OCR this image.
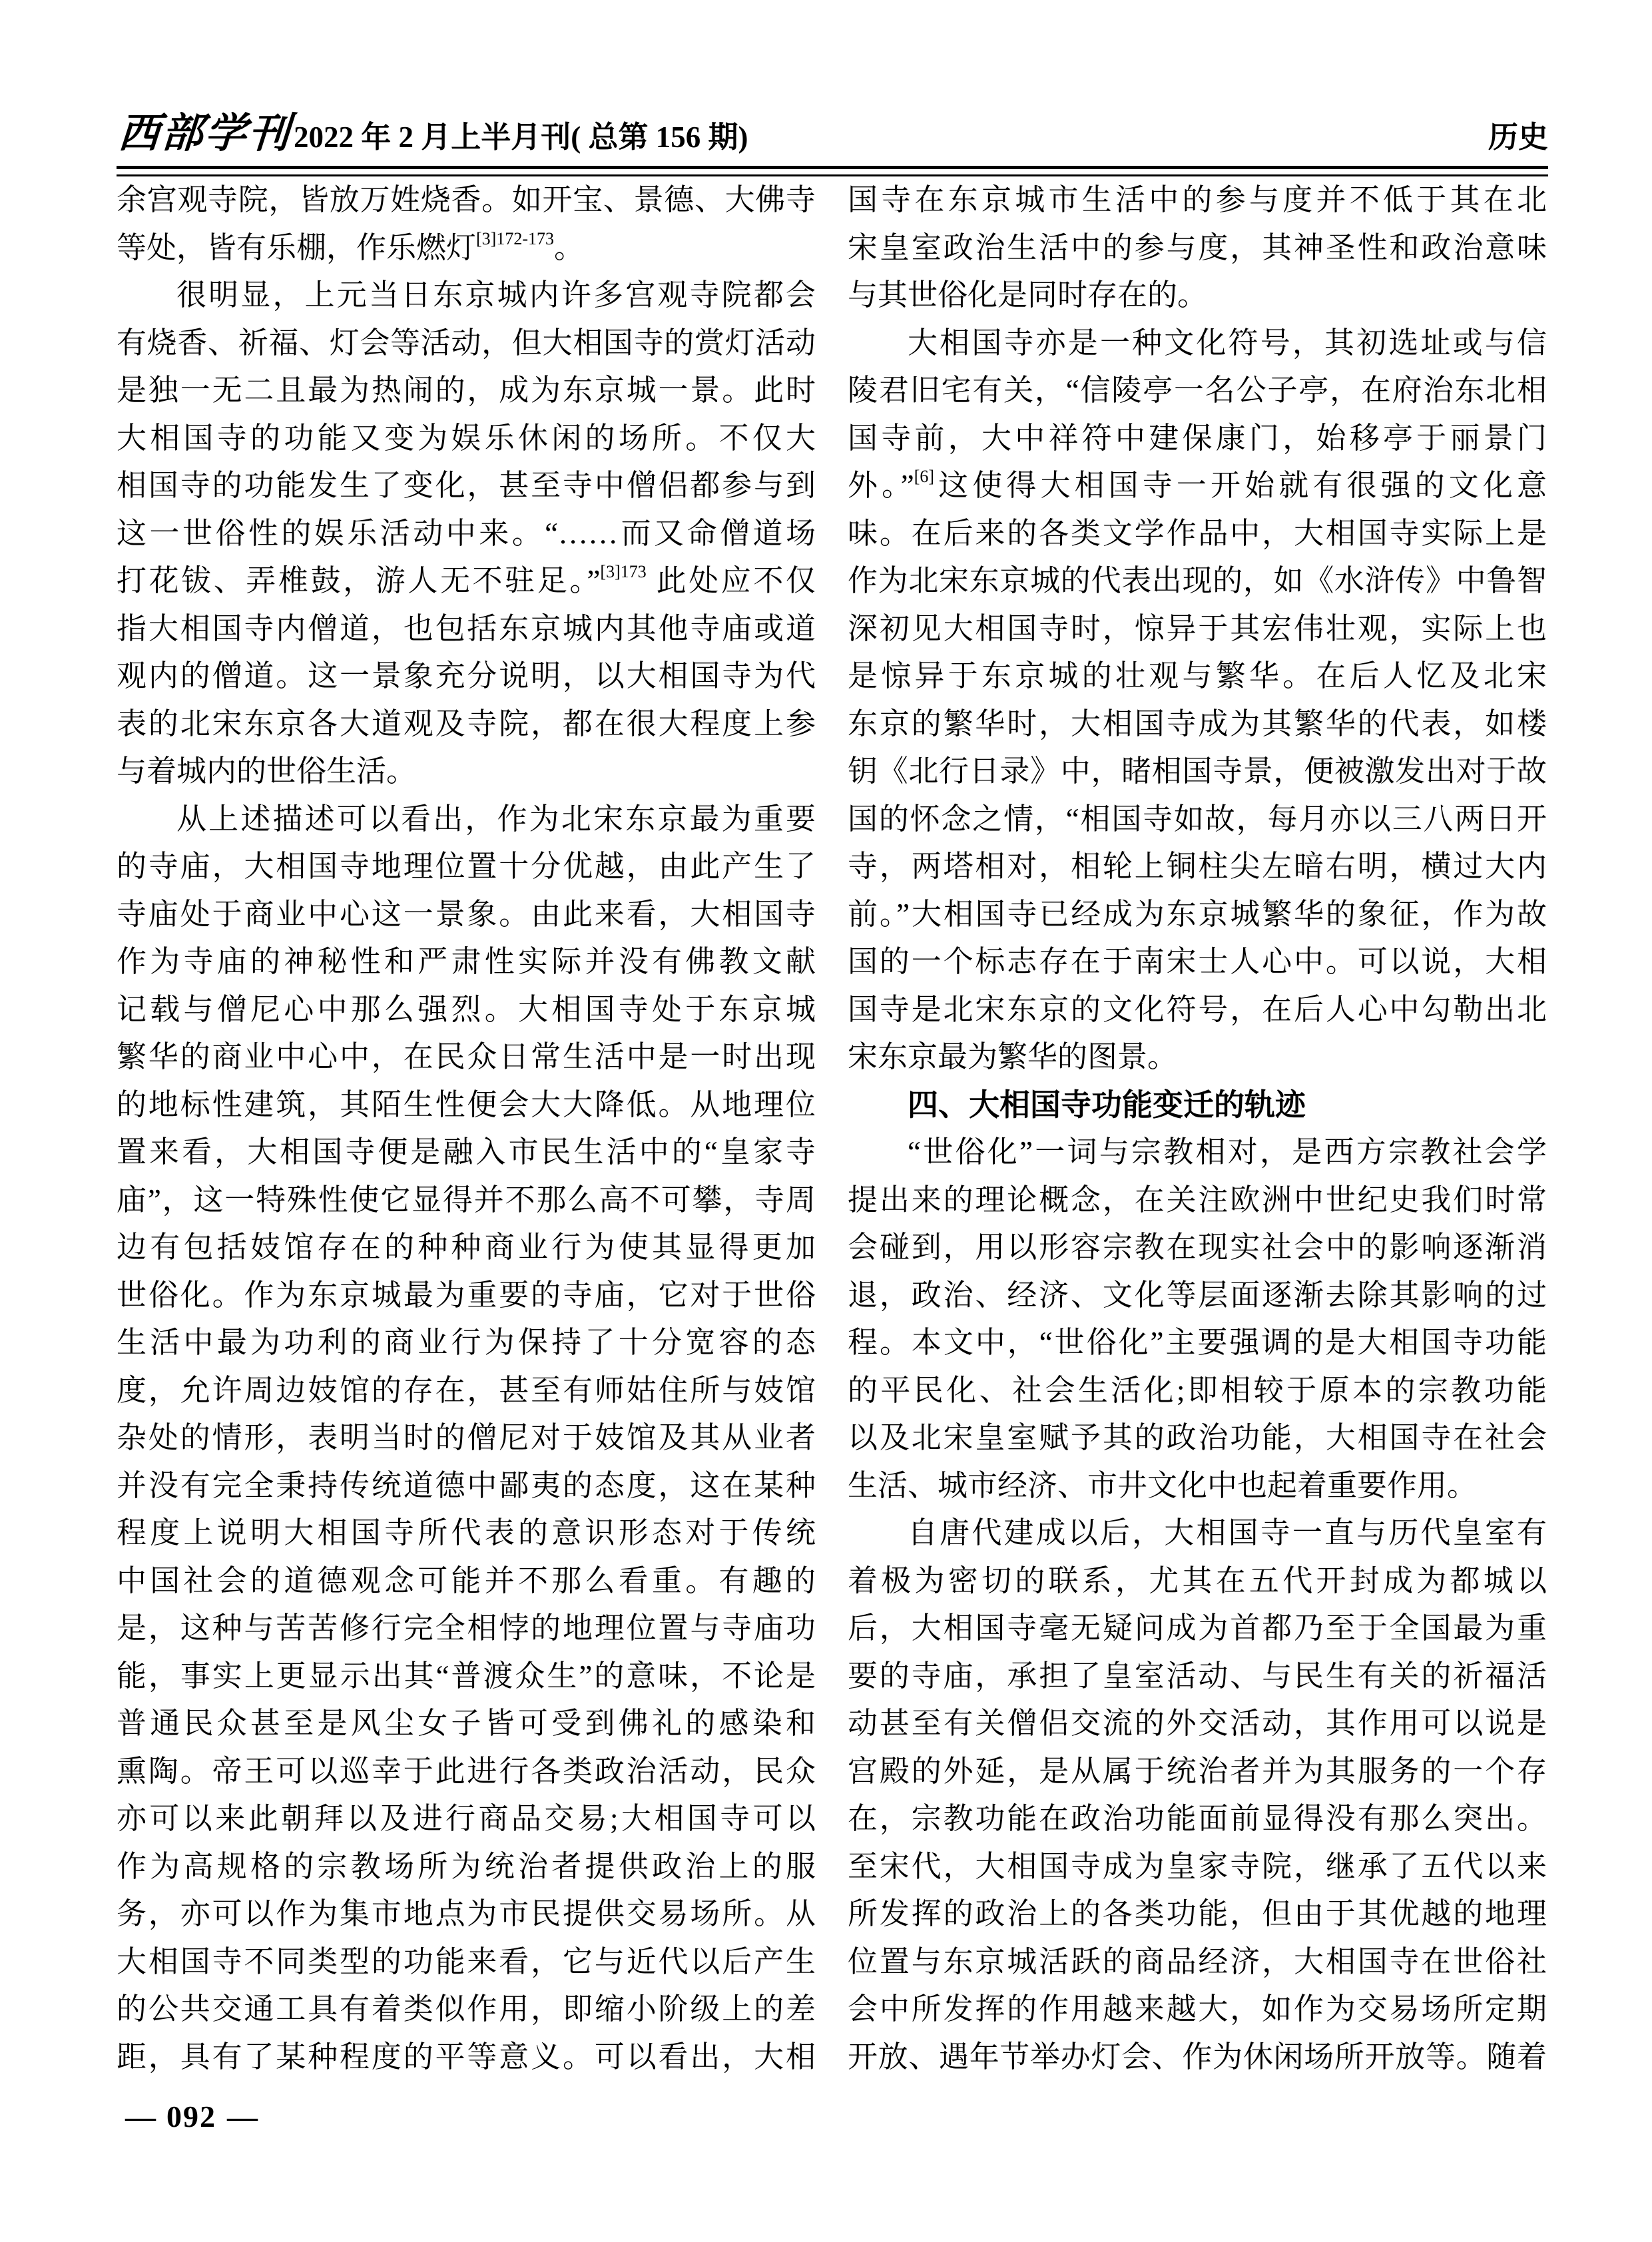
西部学刊 2022 年 2 月上半月刊( 总第 156 期)	历史
余宫观寺院，皆放万姓烧香。如开宝、景德、大佛寺
等处，皆有乐棚，作乐燃灯$^{[3]172-173}$。
很明显，上元当日东京城内许多宫观寺院都会
有烧香、祈福、灯会等活动，但大相国寺的赏灯活动
是独一无二且最为热闹的，成为东京城一景。此时
大相国寺的功能又变为娱乐休闲的场所。不仅大
相国寺的功能发生了变化，甚至寺中僧侣都参与到
这一世俗性的娱乐活动中来。“……而又命僧道场
打花钹、弄椎鼓，游人无不驻足。”$^{[3]173}$ 此处应不仅
指大相国寺内僧道，也包括东京城内其他寺庙或道
观内的僧道。这一景象充分说明，以大相国寺为代
表的北宋东京各大道观及寺院，都在很大程度上参
与着城内的世俗生活。
从上述描述可以看出，作为北宋东京最为重要
的寺庙，大相国寺地理位置十分优越，由此产生了
寺庙处于商业中心这一景象。由此来看，大相国寺
作为寺庙的神秘性和严肃性实际并没有佛教文献
记载与僧尼心中那么强烈。大相国寺处于东京城
繁华的商业中心中，在民众日常生活中是一时出现
的地标性建筑，其陌生性便会大大降低。从地理位
置来看，大相国寺便是融入市民生活中的“皇家寺
庙”，这一特殊性使它显得并不那么高不可攀，寺周
边有包括妓馆存在的种种商业行为使其显得更加
世俗化。作为东京城最为重要的寺庙，它对于世俗
生活中最为功利的商业行为保持了十分宽容的态
度，允许周边妓馆的存在，甚至有师姑住所与妓馆
杂处的情形，表明当时的僧尼对于妓馆及其从业者
并没有完全秉持传统道德中鄙夷的态度，这在某种
程度上说明大相国寺所代表的意识形态对于传统
中国社会的道德观念可能并不那么看重。有趣的
是，这种与苦苦修行完全相悖的地理位置与寺庙功
能，事实上更显示出其“普渡众生”的意味，不论是
普通民众甚至是风尘女子皆可受到佛礼的感染和
熏陶。帝王可以巡幸于此进行各类政治活动，民众
亦可以来此朝拜以及进行商品交易;大相国寺可以
作为高规格的宗教场所为统治者提供政治上的服
务，亦可以作为集市地点为市民提供交易场所。从
大相国寺不同类型的功能来看，它与近代以后产生
的公共交通工具有着类似作用，即缩小阶级上的差
距，具有了某种程度的平等意义。可以看出，大相
国寺在东京城市生活中的参与度并不低于其在北
宋皇室政治生活中的参与度，其神圣性和政治意味
与其世俗化是同时存在的。
大相国寺亦是一种文化符号，其初选址或与信
陵君旧宅有关，“信陵亭一名公子亭，在府治东北相
国寺前，大中祥符中建保康门，始移亭于丽景门
外。”[6]这使得大相国寺一开始就有很强的文化意
味。在后来的各类文学作品中，大相国寺实际上是
作为北宋东京城的代表出现的，如《水浒传》中鲁智
深初见大相国寺时，惊异于其宏伟壮观，实际上也
是惊异于东京城的壮观与繁华。在后人忆及北宋
东京的繁华时，大相国寺成为其繁华的代表，如楼
钥《北行日录》中，睹相国寺景，便被激发出对于故
国的怀念之情，“相国寺如故，每月亦以三八两日开
寺，两塔相对，相轮上铜柱尖左暗右明，横过大内
前。”大相国寺已经成为东京城繁华的象征，作为故
国的一个标志存在于南宋士人心中。可以说，大相
国寺是北宋东京的文化符号，在后人心中勾勒出北
宋东京最为繁华的图景。
四、大相国寺功能变迁的轨迹
“世俗化”一词与宗教相对，是西方宗教社会学
提出来的理论概念，在关注欧洲中世纪史我们时常
会碰到，用以形容宗教在现实社会中的影响逐渐消
退，政治、经济、文化等层面逐渐去除其影响的过
程。本文中，“世俗化”主要强调的是大相国寺功能
的平民化、社会生活化;即相较于原本的宗教功能
以及北宋皇室赋予其的政治功能，大相国寺在社会
生活、城市经济、市井文化中也起着重要作用。
自唐代建成以后，大相国寺一直与历代皇室有
着极为密切的联系，尤其在五代开封成为都城以
后，大相国寺毫无疑问成为首都乃至于全国最为重
要的寺庙，承担了皇室活动、与民生有关的祈福活
动甚至有关僧侣交流的外交活动，其作用可以说是
宫殿的外延，是从属于统治者并为其服务的一个存
在，宗教功能在政治功能面前显得没有那么突出。
至宋代，大相国寺成为皇家寺院，继承了五代以来
所发挥的政治上的各类功能，但由于其优越的地理
位置与东京城活跃的商品经济，大相国寺在世俗社
会中所发挥的作用越来越大，如作为交易场所定期
开放、遇年节举办灯会、作为休闲场所开放等。随着
— 092 —
